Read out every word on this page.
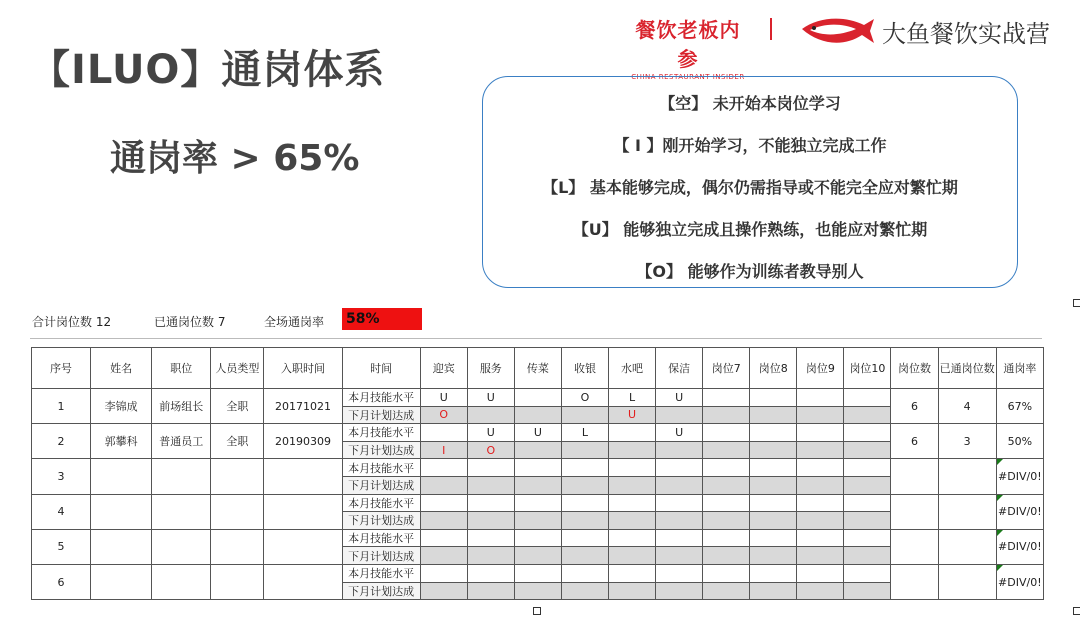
【ILUO】通岗体系
通岗率 > 65%
餐饮老板内参
CHINA RESTAURANT INSIDER
大鱼餐饮实战营
【空】 未开始本岗位学习
【 I 】刚开始学习，不能独立完成工作
【L】 基本能够完成，偶尔仍需指导或不能完全应对繁忙期
【U】 能够独立完成且操作熟练，也能应对繁忙期
【O】 能够作为训练者教导别人
合计岗位数 12	已通岗位数 7	全场通岗率 58%
序号	姓名	职位	人员类型	入职时间	时间	迎宾	服务	传菜	收银	水吧	保洁	岗位7	岗位8	岗位9	岗位10	岗位数	已通岗位数	通岗率
1	李锦成	前场组长	全职	20171021	本月技能水平	U	U		O	L	U					6	4	67%
					下月计划达成	O				U								
2	郭攀科	普通员工	全职	20190309	本月技能水平		U	U	L		U					6	3	50%
					下月计划达成	I	O											
3					本月技能水平													#DIV/0!
					下月计划达成													
4					本月技能水平													#DIV/0!
					下月计划达成													
5					本月技能水平													#DIV/0!
					下月计划达成													
6					本月技能水平													#DIV/0!
					下月计划达成													
